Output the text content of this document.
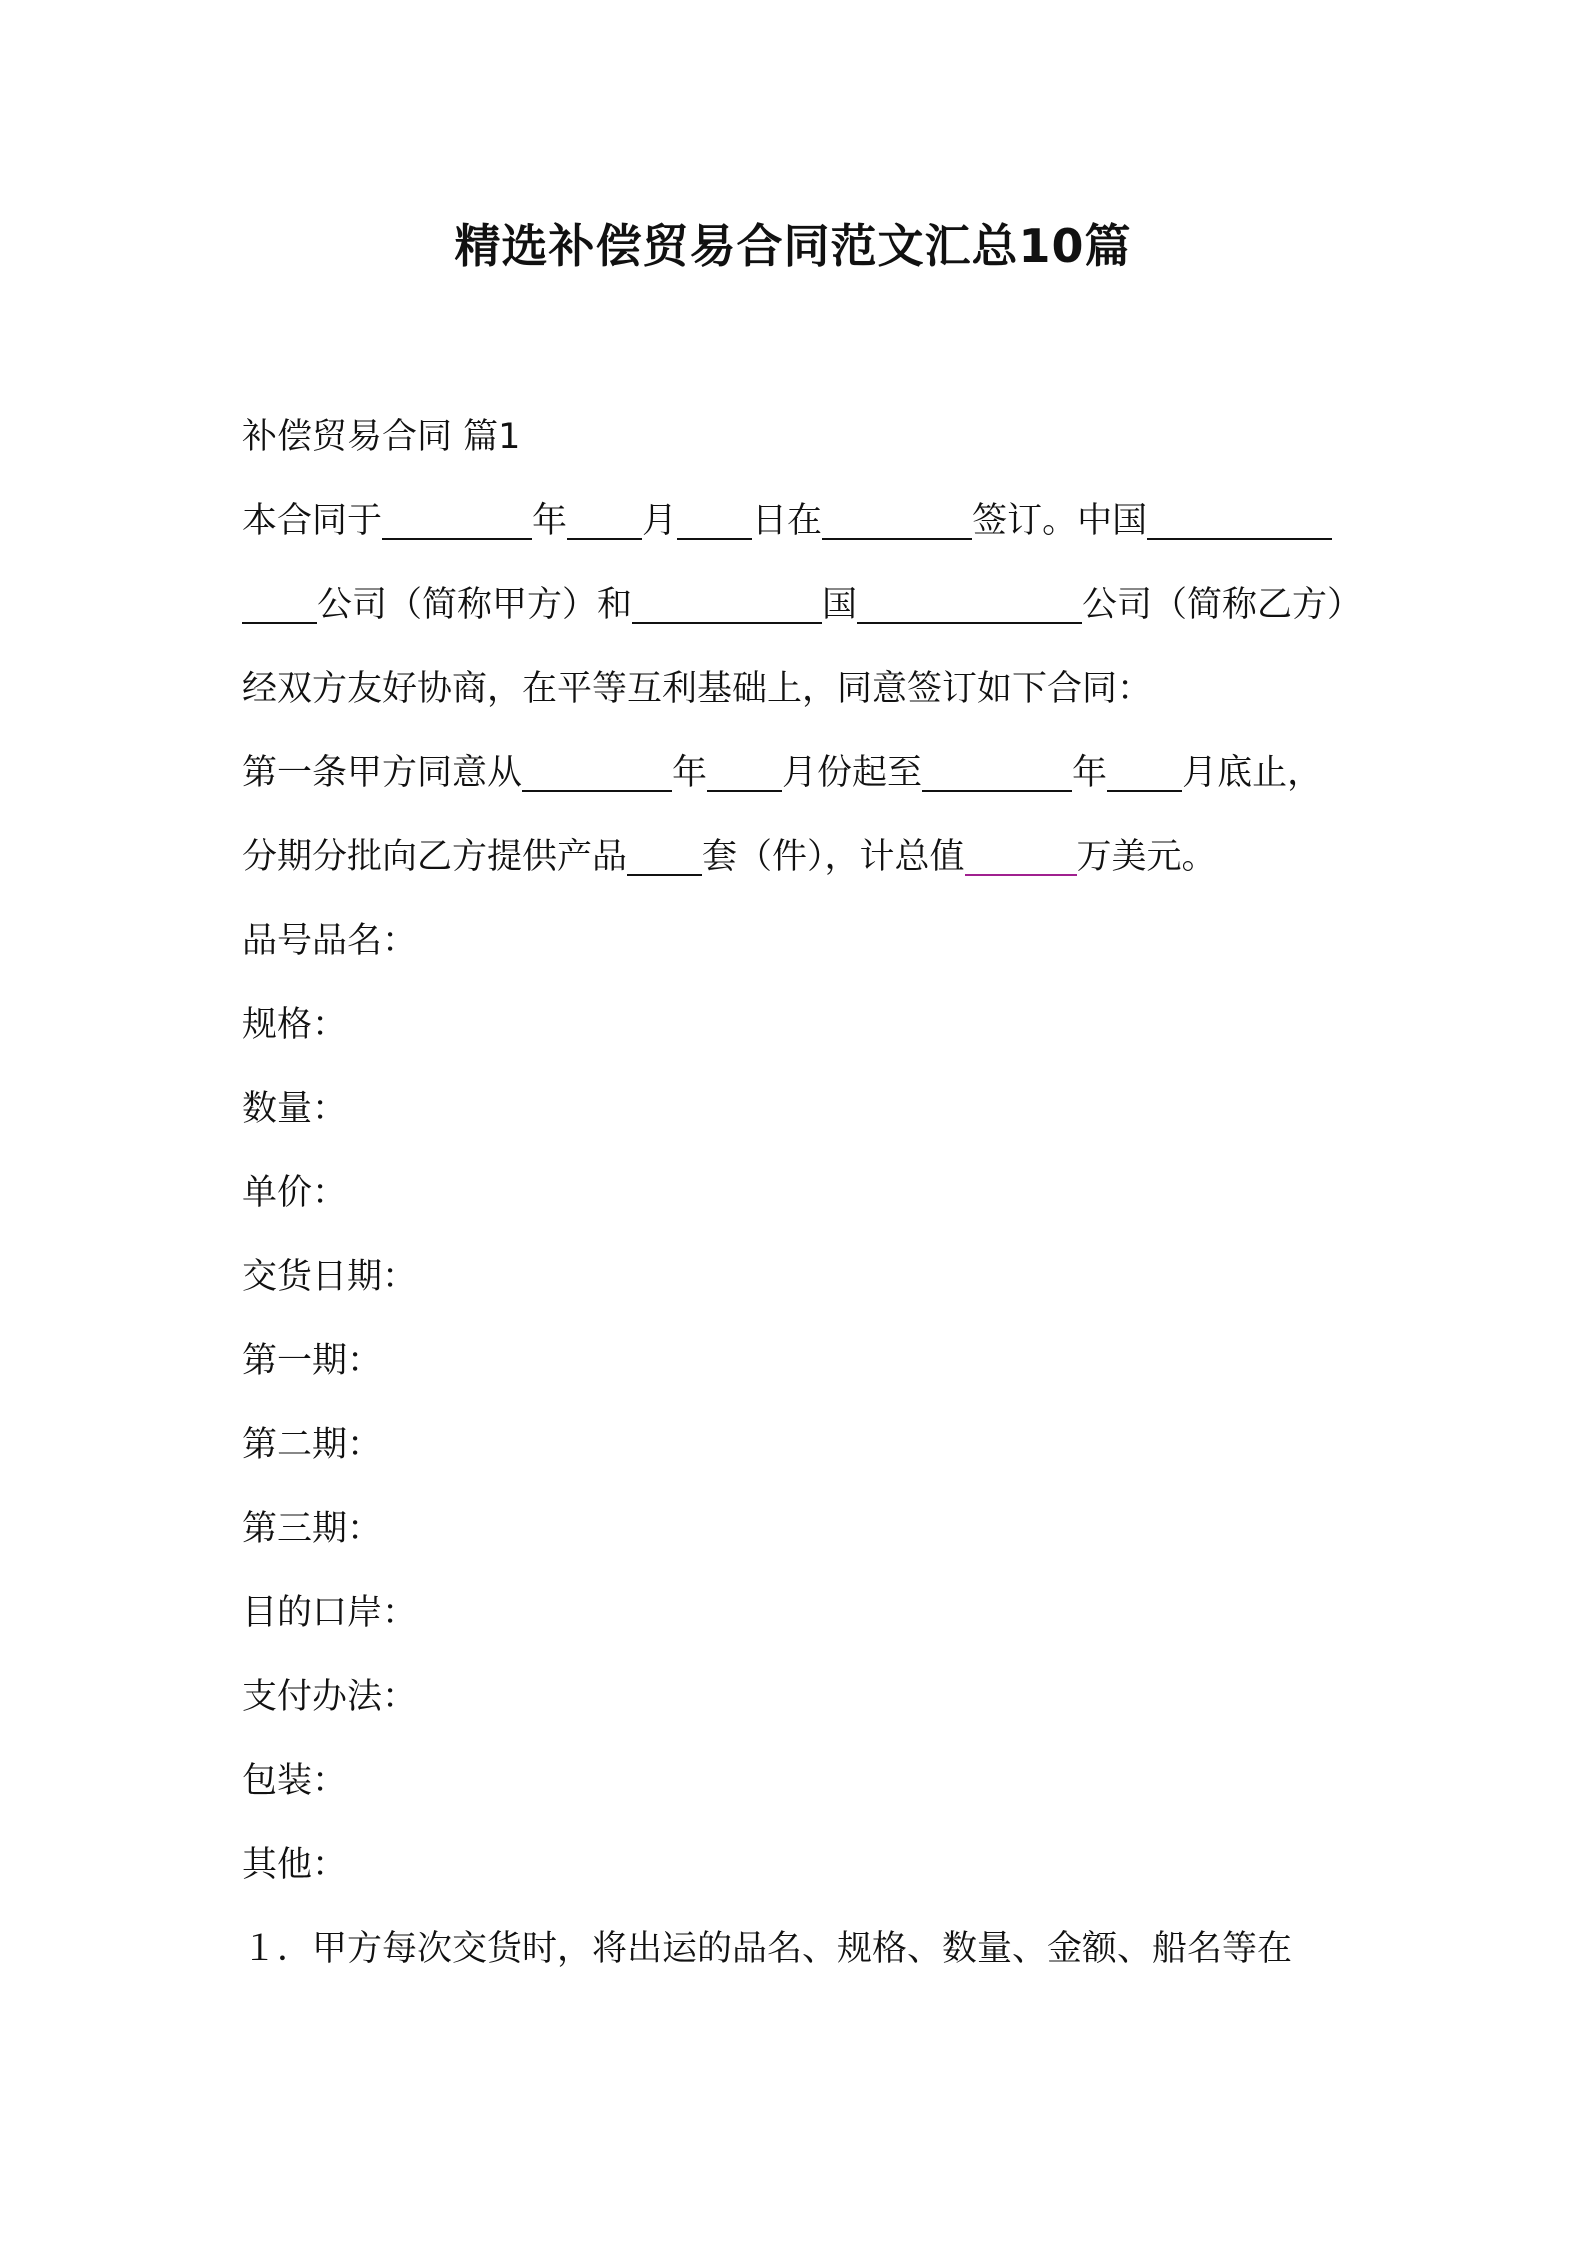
精选补偿贸易合同范文汇总10篇
补偿贸易合同 篇1
本合同于	年 月 日在	签订。中国
公司（简称甲方）和	国	公司（简称乙方）
经双方友好协商，在平等互利基础上，同意签订如下合同：
第一条甲方同意从	年 月份起至	年 月底止，
分期分批向乙方提供产品 套（件），计总值	万美元。
品号品名：
规格：
数量：
单价：
交货日期：
第一期：
第二期：
第三期：
目的口岸：
支付办法：
包装：
其他：
１．甲方每次交货时，将出运的品名、规格、数量、金额、船名等在
